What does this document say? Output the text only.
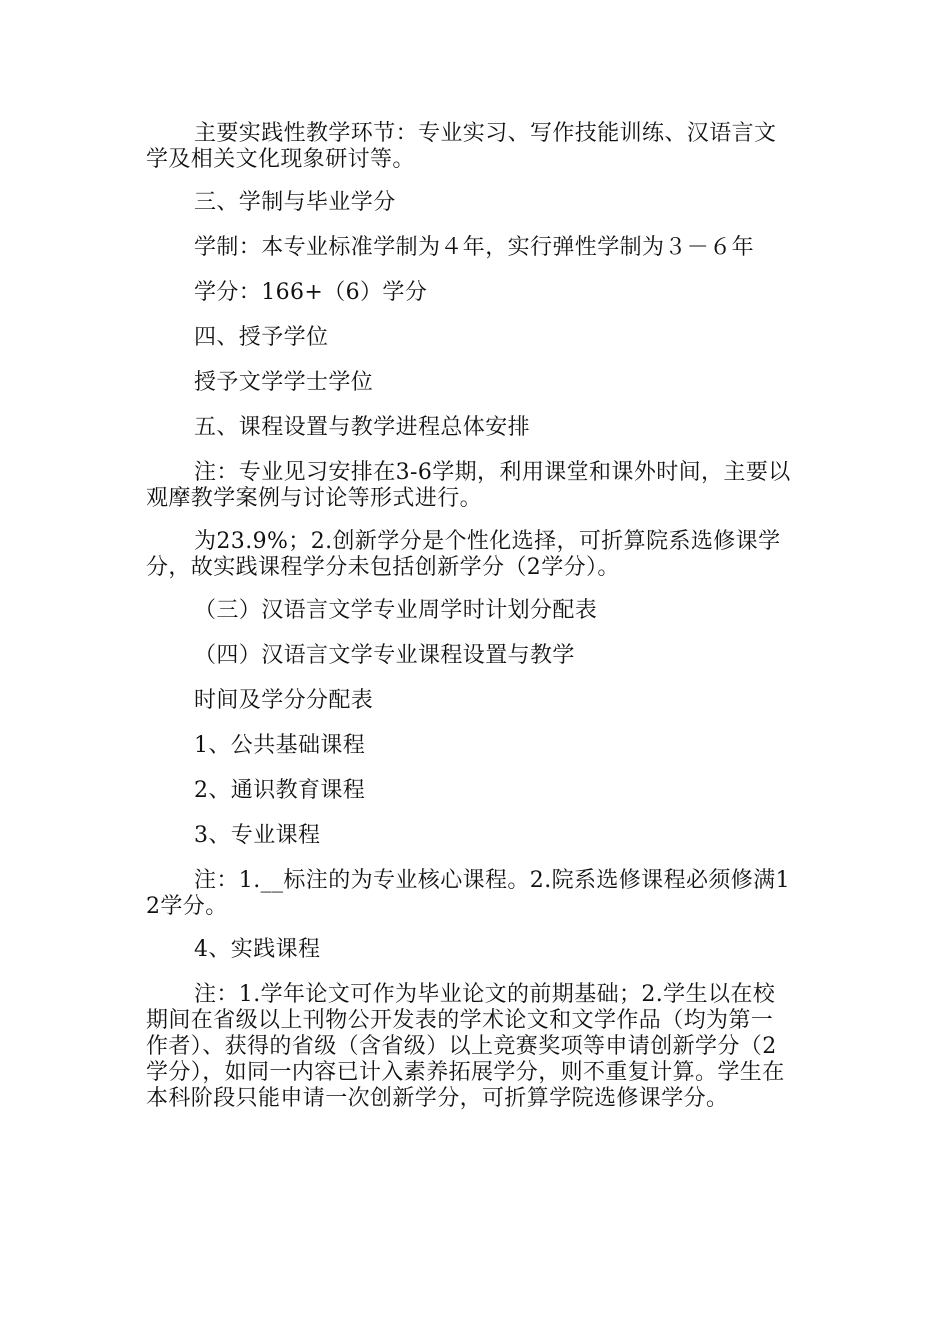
主要实践性教学环节：专业实习、写作技能训练、汉语言文学及相关文化现象研讨等。

三、学制与毕业学分

学制：本专业标准学制为４年，实行弹性学制为３－６年

学分：166+（6）学分

四、授予学位

授予文学学士学位

五、课程设置与教学进程总体安排

注：专业见习安排在3-6学期，利用课堂和课外时间，主要以观摩教学案例与讨论等形式进行。

为23.9%；2.创新学分是个性化选择，可折算院系选修课学分，故实践课程学分未包括创新学分（2学分）。

（三）汉语言文学专业周学时计划分配表

（四）汉语言文学专业课程设置与教学

时间及学分分配表

1、公共基础课程

2、通识教育课程

3、专业课程

注：1.__标注的为专业核心课程。2.院系选修课程必须修满12学分。

4、实践课程

注：1.学年论文可作为毕业论文的前期基础；2.学生以在校期间在省级以上刊物公开发表的学术论文和文学作品（均为第一作者）、获得的省级（含省级）以上竞赛奖项等申请创新学分（2学分），如同一内容已计入素养拓展学分，则不重复计算。学生在本科阶段只能申请一次创新学分，可折算学院选修课学分。
